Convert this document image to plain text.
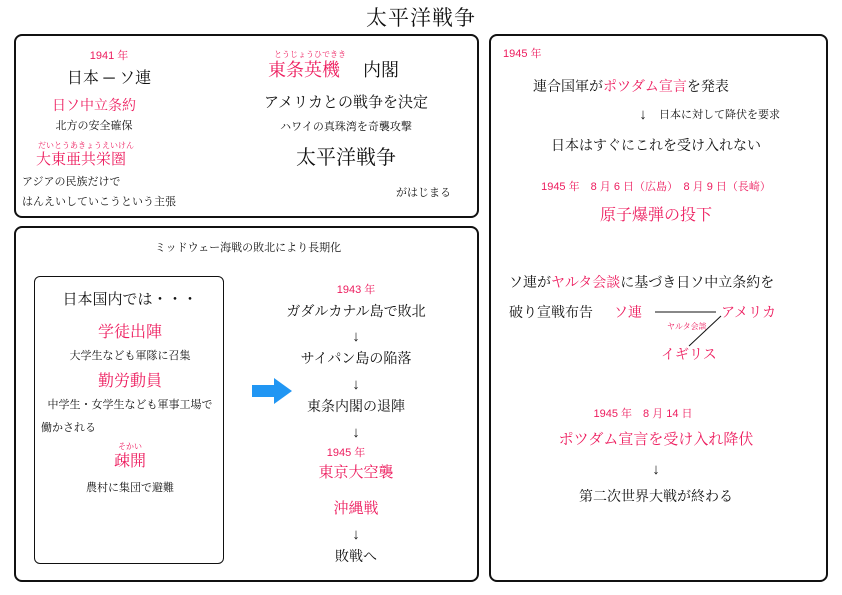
太平洋戦争
1941 年
日本 ─ ソ連
日ソ中立条約
北方の安全確保
だいとうあきょうえいけん
大東亜共栄圏
アジアの民族だけで
はんえいしていこうという主張
とうじょうひできき
東条英機 内閣
アメリカとの戦争を決定
ハワイの真珠湾を奇襲攻撃
太平洋戦争
がはじまる
ミッドウェー海戦の敗北により長期化
日本国内では・・・
学徒出陣
大学生なども軍隊に召集
勤労動員
中学生・女学生なども軍事工場で
働かされる
そかい
疎開
農村に集団で避難
1943 年
ガダルカナル島で敗北
↓
サイパン島の陥落
↓
東条内閣の退陣
↓
1945 年
東京大空襲
沖縄戦
↓
敗戦へ
1945 年
連合国軍がポツダム宣言を発表
↓ 日本に対して降伏を要求
日本はすぐにこれを受け入れない
1945 年　8 月 6 日（広島）　8 月 9 日（長崎）
原子爆弾の投下
ソ連がヤルタ会談に基づき日ソ中立条約を
破り宣戦布告 ソ連	アメリカ
イギリス
ヤルタ会談
1945 年　8 月 14 日
ポツダム宣言を受け入れ降伏
↓
第二次世界大戦が終わる
